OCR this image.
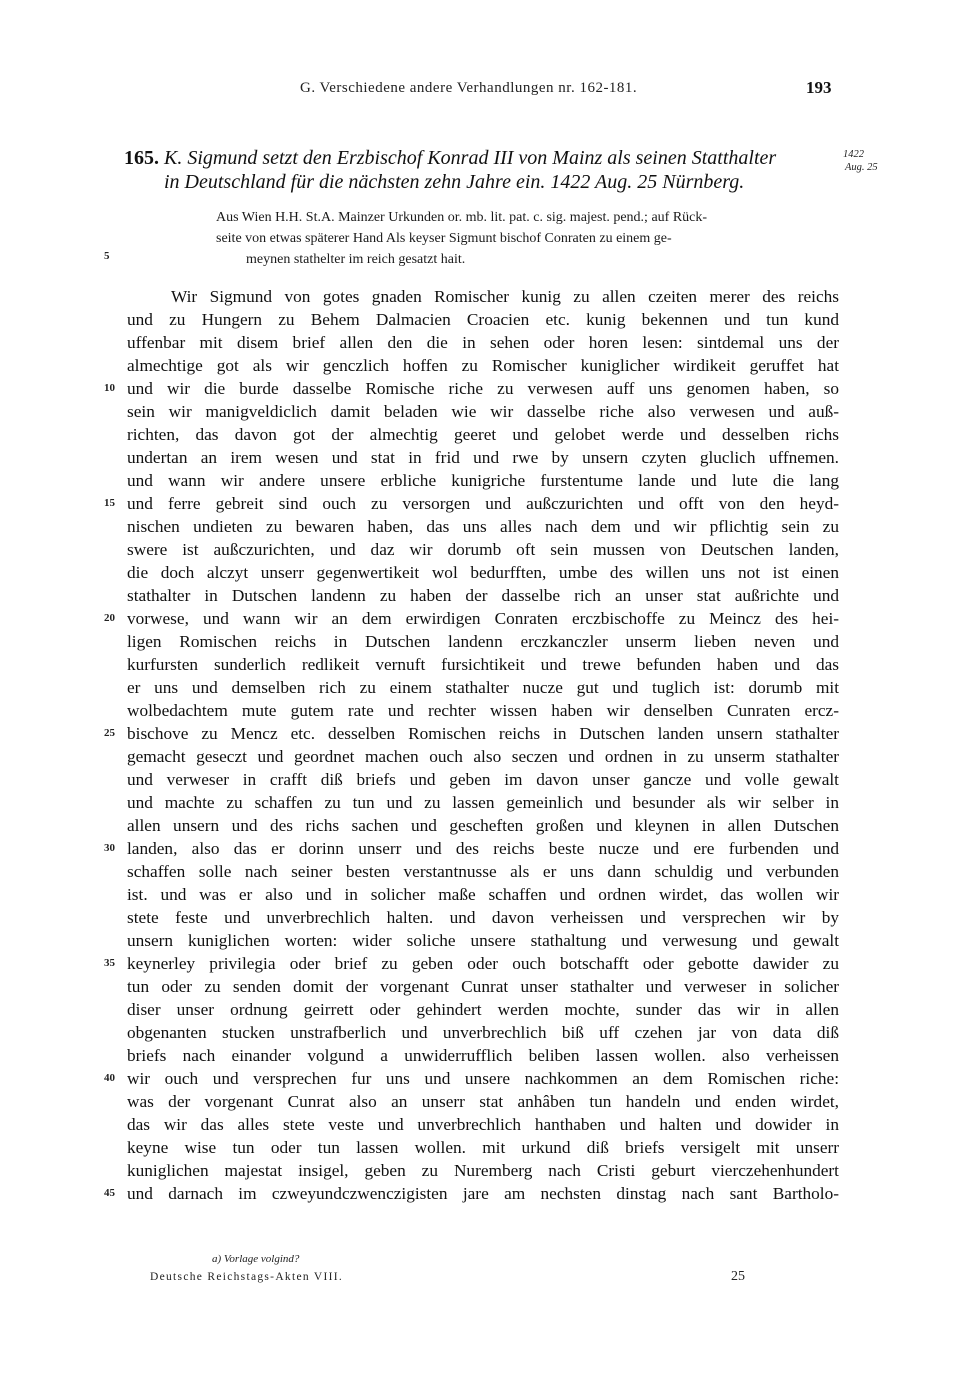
G. Verschiedene andere Verhandlungen nr. 162-181.	193
165. K. Sigmund setzt den Erzbischof Konrad III von Mainz als seinen Statthalter
in Deutschland für die nächsten zehn Jahre ein. 1422 Aug. 25 Nürnberg.
1422
Aug. 25
Aus Wien H.H. St.A. Mainzer Urkunden or. mb. lit. pat. c. sig. majest. pend.; auf Rück-
seite von etwas späterer Hand Als keyser Sigmunt bischof Conraten zu einem ge-
meynen stathelter im reich gesatzt hait.
5
10
15
20
25
30
35
40
45
Wir Sigmund von gotes gnaden Romischer kunig zu allen czeiten merer des reichs
und zu Hungern zu Behem Dalmacien Croacien etc. kunig bekennen und tun kund
uffenbar mit disem brief allen den die in sehen oder horen lesen: sintdemal uns der
almechtige got als wir genczlich hoffen zu Romischer kuniglicher wirdikeit geruffet hat
und wir die burde dasselbe Romische riche zu verwesen auff uns genomen haben, so
sein wir manigveldiclich damit beladen wie wir dasselbe riche also verwesen und auß-
richten, das davon got der almechtig geeret und gelobet werde und desselben richs
undertan an irem wesen und stat in frid und rwe by unsern czyten gluclich uffnemen.
und wann wir andere unsere erbliche kunigriche furstentume lande und lute die lang
und ferre gebreit sind ouch zu versorgen und außczurichten und offt von den heyd-
nischen undieten zu bewaren haben, das uns alles nach dem und wir pflichtig sein zu
swere ist außczurichten, und daz wir dorumb oft sein mussen von Deutschen landen,
die doch alczyt unserr gegenwertikeit wol bedurfften, umbe des willen uns not ist einen
stathalter in Dutschen landenn zu haben der dasselbe rich an unser stat außrichte und
vorwese, und wann wir an dem erwirdigen Conraten erczbischoffe zu Meincz des hei-
ligen Romischen reichs in Dutschen landenn erczkanczler unserm lieben neven und
kurfursten sunderlich redlikeit vernuft fursichtikeit und trewe befunden haben und das
er uns und demselben rich zu einem stathalter nucze gut und tuglich ist: dorumb mit
wolbedachtem mute gutem rate und rechter wissen haben wir denselben Cunraten ercz-
bischove zu Mencz etc. desselben Romischen reichs in Dutschen landen unsern stathalter
gemacht geseczt und geordnet machen ouch also seczen und ordnen in zu unserm stathalter
und verweser in crafft diß briefs und geben im davon unser gancze und volle gewalt
und machte zu schaffen zu tun und zu lassen gemeinlich und besunder als wir selber in
allen unsern und des richs sachen und gescheften großen und kleynen in allen Dutschen
landen, also das er dorinn unserr und des reichs beste nucze und ere furbenden und
schaffen solle nach seiner besten verstantnusse als er uns dann schuldig und verbunden
ist. und was er also und in solicher maße schaffen und ordnen wirdet, das wollen wir
stete feste und unverbrechlich halten. und davon verheissen und versprechen wir by
unsern kuniglichen worten: wider soliche unsere stathaltung und verwesung und gewalt
keynerley privilegia oder brief zu geben oder ouch botschafft oder gebotte dawider zu
tun oder zu senden domit der vorgenant Cunrat unser stathalter und verweser in solicher
diser unser ordnung geirrett oder gehindert werden mochte, sunder das wir in allen
obgenanten stucken unstrafberlich und unverbrechlich biß uff czehen jar von data diß
briefs nach einander volgund a unwiderrufflich beliben lassen wollen. also verheissen
wir ouch und versprechen fur uns und unsere nachkommen an dem Romischen riche:
was der vorgenant Cunrat also an unserr stat anhâben tun handeln und enden wirdet,
das wir das alles stete veste und unverbrechlich hanthaben und halten und dowider in
keyne wise tun oder tun lassen wollen. mit urkund diß briefs versigelt mit unserr
kuniglichen majestat insigel, geben zu Nuremberg nach Cristi geburt vierczehenhundert
und darnach im czweyundczwenczigisten jare am nechsten dinstag nach sant Bartholo-
a) Vorlage volgind?
Deutsche Reichstags-Akten VIII.	25
